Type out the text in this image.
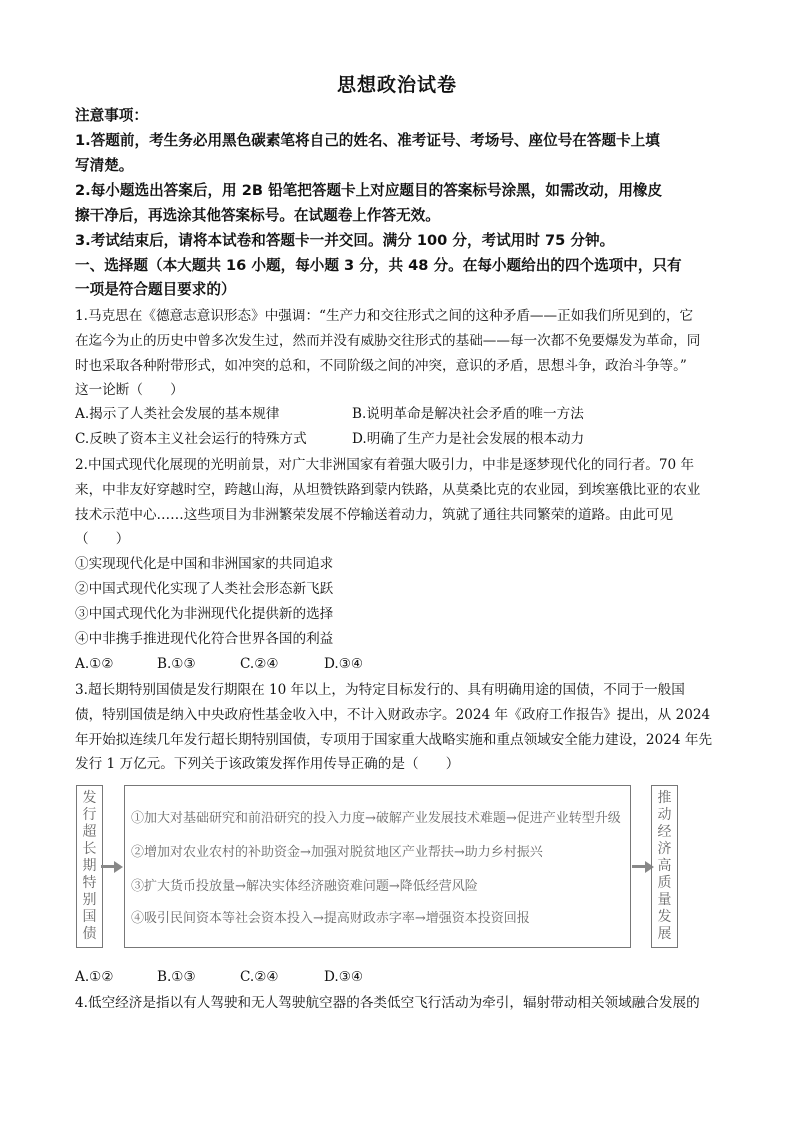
思想政治试卷
注意事项：
1.答题前，考生务必用黑色碳素笔将自己的姓名、准考证号、考场号、座位号在答题卡上填
写清楚。
2.每小题选出答案后，用 2B 铅笔把答题卡上对应题目的答案标号涂黑，如需改动，用橡皮
擦干净后，再选涂其他答案标号。在试题卷上作答无效。
3.考试结束后，请将本试卷和答题卡一并交回。满分 100 分，考试用时 75 分钟。
一、选择题（本大题共 16 小题，每小题 3 分，共 48 分。在每小题给出的四个选项中，只有
一项是符合题目要求的）
1.马克思在《德意志意识形态》中强调：“生产力和交往形式之间的这种矛盾——正如我们所见到的，它
在迄今为止的历史中曾多次发生过，然而并没有威胁交往形式的基础——每一次都不免要爆发为革命，同
时也采取各种附带形式，如冲突的总和，不同阶级之间的冲突，意识的矛盾，思想斗争，政治斗争等。”
这一论断（　　）
A.揭示了人类社会发展的基本规律	B.说明革命是解决社会矛盾的唯一方法
C.反映了资本主义社会运行的特殊方式	D.明确了生产力是社会发展的根本动力
2.中国式现代化展现的光明前景，对广大非洲国家有着强大吸引力，中非是逐梦现代化的同行者。70 年
来，中非友好穿越时空，跨越山海，从坦赞铁路到蒙内铁路，从莫桑比克的农业园，到埃塞俄比亚的农业
技术示范中心……这些项目为非洲繁荣发展不停输送着动力，筑就了通往共同繁荣的道路。由此可见
（　　）
①实现现代化是中国和非洲国家的共同追求
②中国式现代化实现了人类社会形态新飞跃
③中国式现代化为非洲现代化提供新的选择
④中非携手推进现代化符合世界各国的利益
A.①②	B.①③	C.②④	D.③④
3.超长期特别国债是发行期限在 10 年以上，为特定目标发行的、具有明确用途的国债，不同于一般国
债，特别国债是纳入中央政府性基金收入中，不计入财政赤字。2024 年《政府工作报告》提出，从 2024
年开始拟连续几年发行超长期特别国债，专项用于国家重大战略实施和重点领域安全能力建设，2024 年先
发行 1 万亿元。下列关于该政策发挥作用传导正确的是（　　）
发
行
超
长
期
特
别
国
债
①加大对基础研究和前沿研究的投入力度→破解产业发展技术难题→促进产业转型升级
②增加对农业农村的补助资金→加强对脱贫地区产业帮扶→助力乡村振兴
③扩大货币投放量→解决实体经济融资难问题→降低经营风险
④吸引民间资本等社会资本投入→提高财政赤字率→增强资本投资回报
推
动
经
济
高
质
量
发
展
A.①②	B.①③	C.②④	D.③④
4.低空经济是指以有人驾驶和无人驾驶航空器的各类低空飞行活动为牵引，辐射带动相关领域融合发展的
